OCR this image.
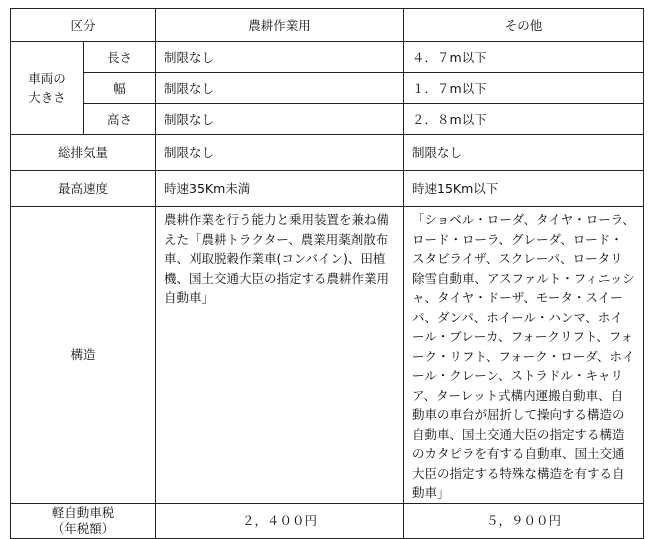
区分		農耕作業用	その他
車両の
大きさ	長さ	制限なし	４．７m以下
	幅	制限なし	１．７m以下
	高さ	制限なし	２．８m以下
総排気量		制限なし	制限なし
最高速度		時速35Km未満	時速15Km以下
構造		農耕作業を行う能力と乗用装置を兼ね備えた「農耕トラクター、農業用薬剤散布車、刈取脱穀作業車(コンバイン)、田植機、国土交通大臣の指定する農耕作業用自動車」	「ショベル・ローダ、タイヤ・ローラ、ロード・ローラ、グレーダ、ロード・スタビライザ、スクレーパ、ロータリ除雪自動車、アスファルト・フィニッシャ、タイヤ・ドーザ、モータ・スイーパ、ダンパ、ホイール・ハンマ、ホイール・ブレーカ、フォークリフト、フォーク・リフト、フォーク・ローダ、ホイール・クレーン、ストラドル・キャリア、ターレット式構内運搬自動車、自動車の車台が屈折して操向する構造の自動車、国土交通大臣の指定する構造のカタピラを有する自動車、国土交通大臣の指定する特殊な構造を有する自動車」
軽自動車税
（年税額）		２，４００円	５，９００円
